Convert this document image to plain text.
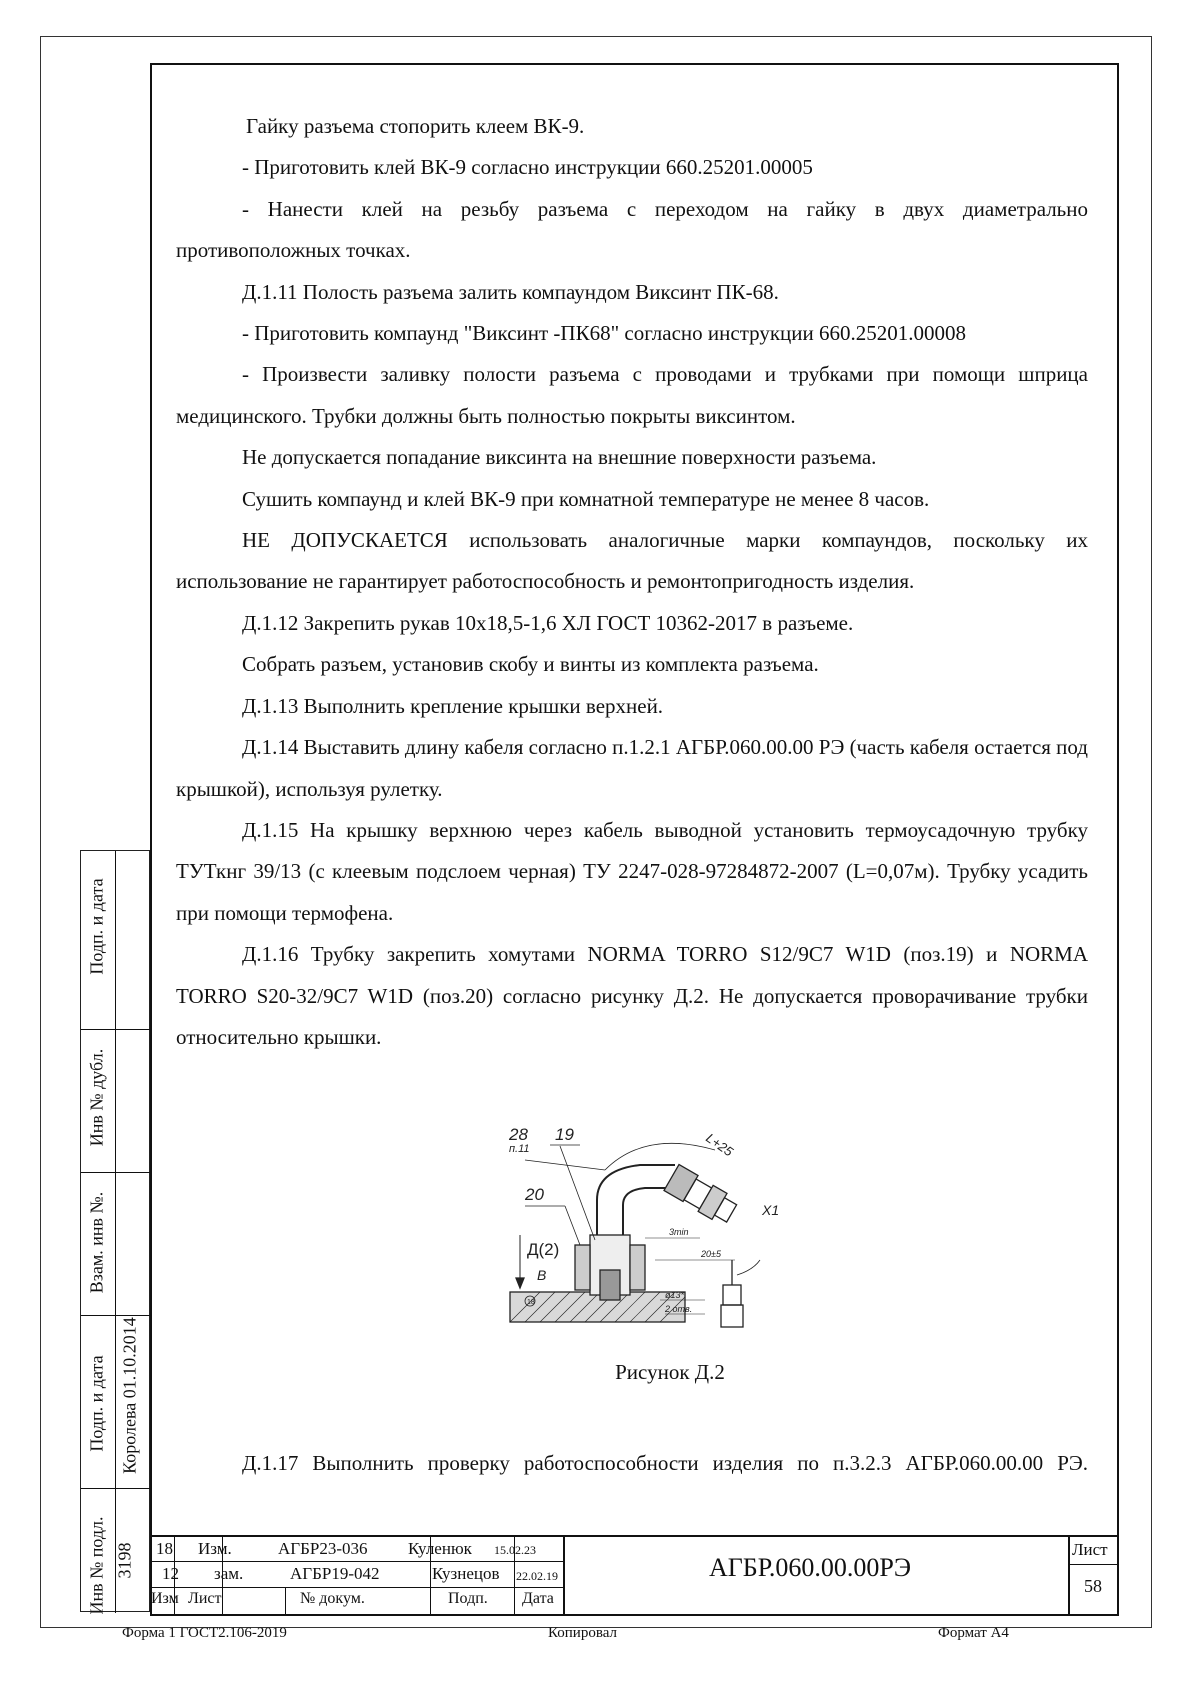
Гайку разъема стопорить клеем ВК-9.

- Приготовить клей ВК-9 согласно инструкции 660.25201.00005

- Нанести клей на резьбу разъема с переходом на гайку в двух диаметрально противоположных точках.

Д.1.11 Полость разъема залить компаундом Виксинт ПК-68.

- Приготовить компаунд "Виксинт -ПК68" согласно инструкции 660.25201.00008

- Произвести заливку полости разъема с проводами и трубками при помощи шприца медицинского. Трубки должны быть полностью покрыты виксинтом.

Не допускается попадание виксинта на внешние поверхности разъема.

Сушить компаунд и клей ВК-9 при комнатной температуре не менее 8 часов.

НЕ ДОПУСКАЕТСЯ использовать аналогичные марки компаундов, поскольку их использование не гарантирует работоспособность и ремонтопригодность изделия.

Д.1.12 Закрепить рукав 10х18,5-1,6 ХЛ ГОСТ 10362-2017 в разъеме.

Собрать разъем, установив скобу и винты из комплекта разъема.

Д.1.13 Выполнить крепление крышки верхней.

Д.1.14 Выставить длину кабеля согласно п.1.2.1 АГБР.060.00.00 РЭ (часть кабеля остается под крышкой), используя рулетку.

Д.1.15 На крышку верхнюю через кабель выводной установить термоусадочную трубку ТУТкнг 39/13 (с клеевым подслоем черная) ТУ 2247-028-97284872-2007 (L=0,07м). Трубку усадить при помощи термофена.

Д.1.16 Трубку закрепить хомутами NORMA TORRO S12/9C7 W1D (поз.19) и NORMA TORRO S20-32/9C7 W1D (поз.20) согласно рисунку Д.2. Не допускается проворачивание трубки относительно крышки.

28
п.11
19
20
L+25
X1
Д(2)
В
3min
20±5
ø13*
2 отв.
18
Рисунок Д.2

Д.1.17 Выполнить проверку работоспособности изделия по п.3.2.3 АГБР.060.00.00 РЭ.

Подп. и дата
Инв № дубл.
Взам. инв №.
Подп. и дата Королева 01.10.2014
Инв № подл. 3198 18 Изм.	АГБР23-036 Куленюк 15.02.23
12 зам.	АГБР19-042	Кузнецов 22.02.19
Изм Лист	№ докум.	Подп. Дата
АГБР.060.00.00РЭ
Лист
58
Форма 1 ГОСТ2.106-2019	Копировал	Формат А4
